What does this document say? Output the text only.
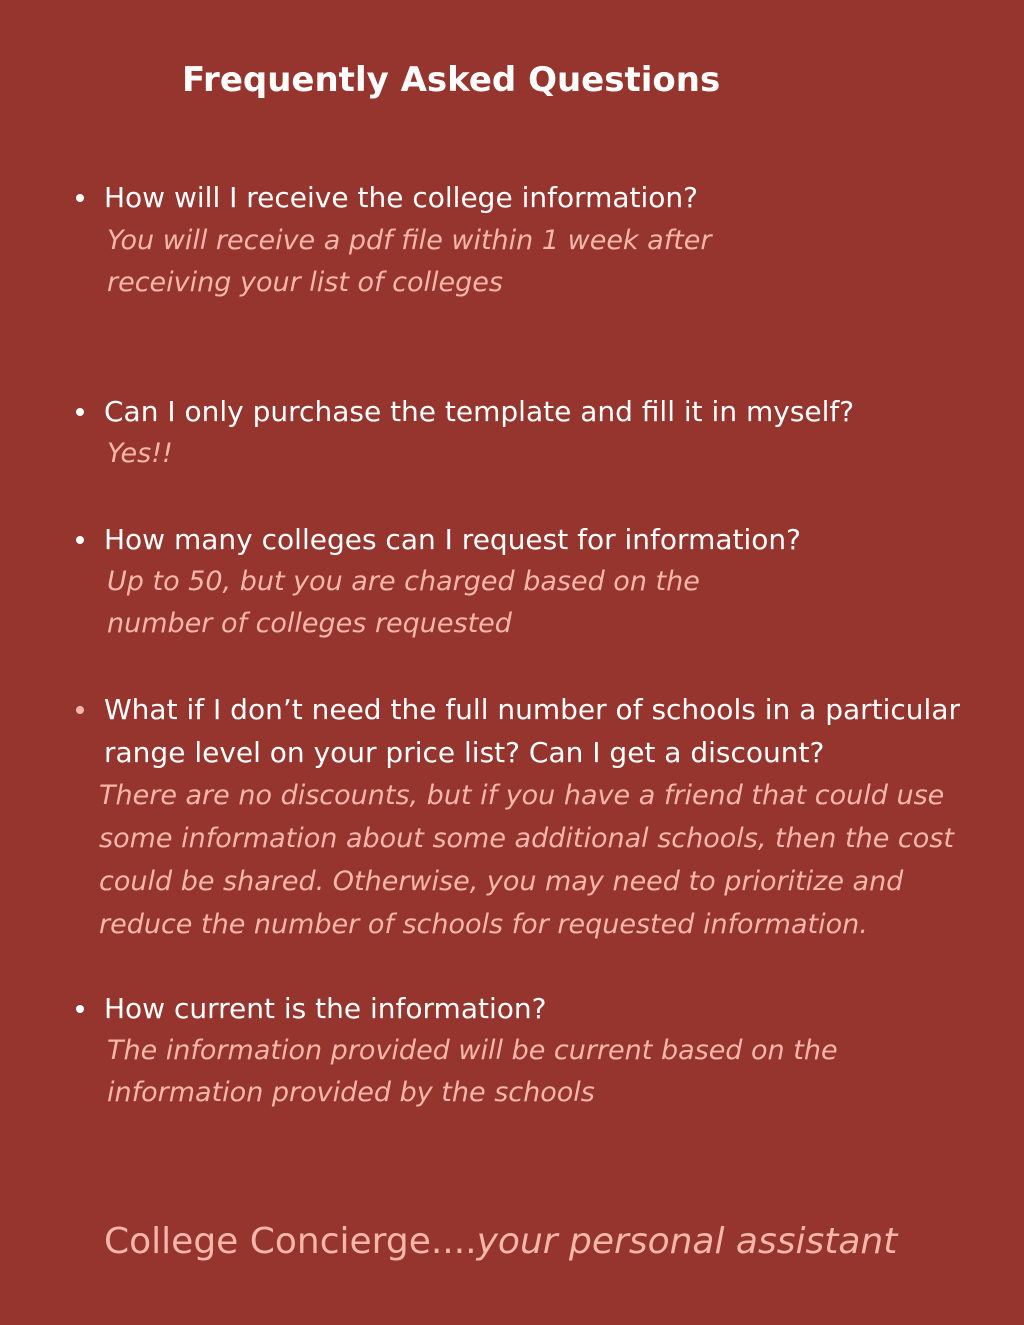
Frequently Asked Questions

How will I receive the college information?

You will receive a pdf file within 1 week after
receiving your list of colleges

Can I only purchase the template and fill it in myself?

Yes!!

How many colleges can I request for information?

Up to 50, but you are charged based on the
number of colleges requested

What if I don’t need the full number of schools in a particular
range level on your price list? Can I get a discount?

There are no discounts, but if you have a friend that could use
some information about some additional schools, then the cost
could be shared. Otherwise, you may need to prioritize and
reduce the number of schools for requested information.

How current is the information?

The information provided will be current based on the
information provided by the schools

College Concierge....your personal assistant
